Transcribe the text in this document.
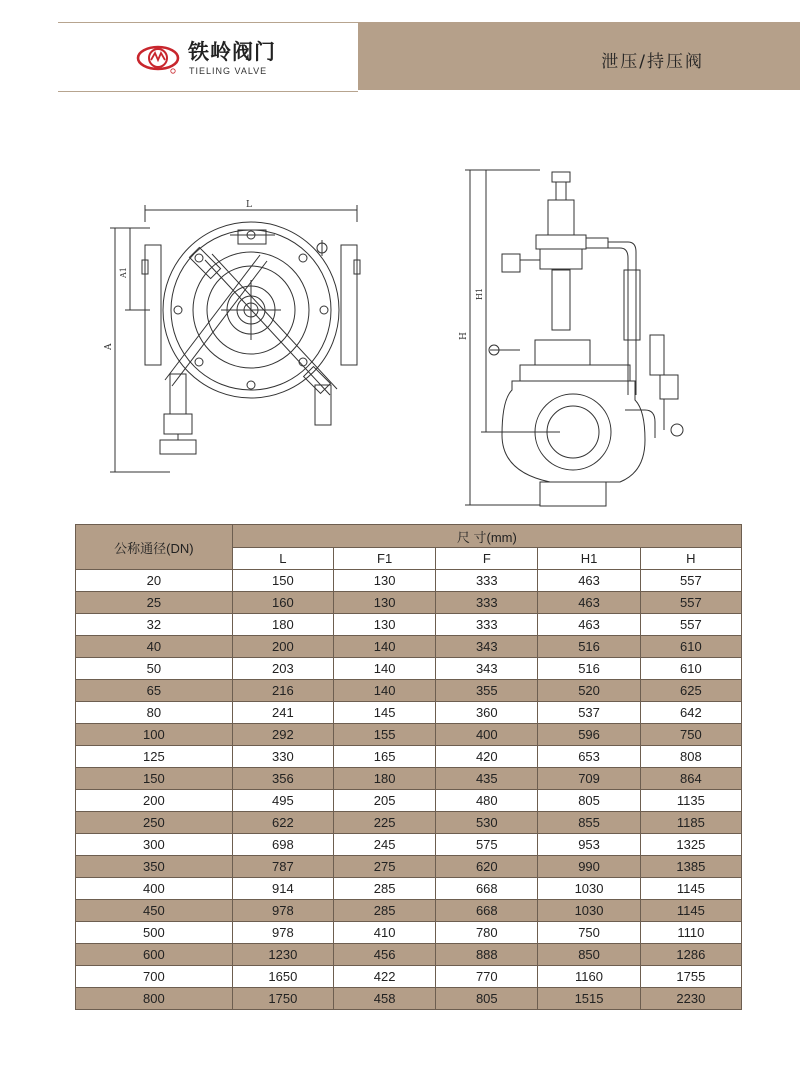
铁岭阀门
TIELING VALVE	泄压/持压阀
L
A
A1
H
H1
公称通径(DN)	尺 寸(mm)				
	L	F1	F	H1	H
20	150	130	333	463	557
25	160	130	333	463	557
32	180	130	333	463	557
40	200	140	343	516	610
50	203	140	343	516	610
65	216	140	355	520	625
80	241	145	360	537	642
100	292	155	400	596	750
125	330	165	420	653	808
150	356	180	435	709	864
200	495	205	480	805	1135
250	622	225	530	855	1185
300	698	245	575	953	1325
350	787	275	620	990	1385
400	914	285	668	1030	1145
450	978	285	668	1030	1145
500	978	410	780	750	1110
600	1230	456	888	850	1286
700	1650	422	770	1160	1755
800	1750	458	805	1515	2230
